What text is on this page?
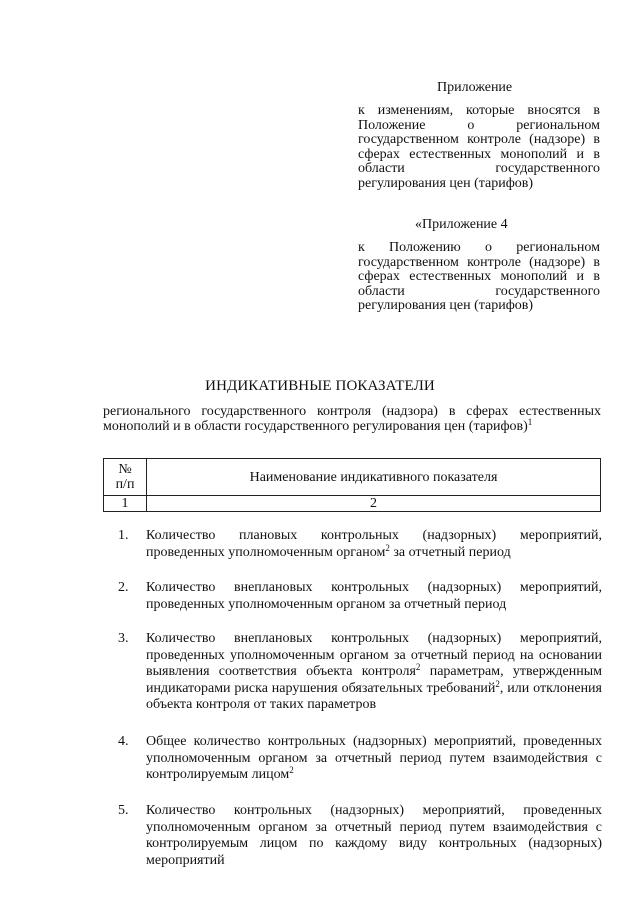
Приложение
к изменениям, которые вносятся в Положение о региональном государственном контроле (надзоре) в сферах естественных монополий и в области государственного регулирования цен (тарифов)
«Приложение 4
к Положению о региональном государственном контроле (надзоре) в сферах естественных монополий и в области государственного регулирования цен (тарифов)
ИНДИКАТИВНЫЕ ПОКАЗАТЕЛИ
регионального государственного контроля (надзора) в сферах естественных монополий и в области государственного регулирования цен (тарифов)$^1$
№
п/п	Наименование индикативного показателя
1	2
1.	Количество плановых контрольных (надзорных) мероприятий, проведенных уполномоченным органом$^2$ за отчетный период
2.	Количество внеплановых контрольных (надзорных) мероприятий, проведенных уполномоченным органом за отчетный период
3.	Количество внеплановых контрольных (надзорных) мероприятий, проведенных уполномоченным органом за отчетный период на основании выявления соответствия объекта контроля$^2$ параметрам, утвержденным индикаторами риска нарушения обязательных требований$^2$, или отклонения объекта контроля от таких параметров
4.	Общее количество контрольных (надзорных) мероприятий, проведенных уполномоченным органом за отчетный период путем взаимодействия с контролируемым лицом$^2$
5.	Количество контрольных (надзорных) мероприятий, проведенных уполномоченным органом за отчетный период путем взаимодействия с контролируемым лицом по каждому виду контрольных (надзорных) мероприятий
